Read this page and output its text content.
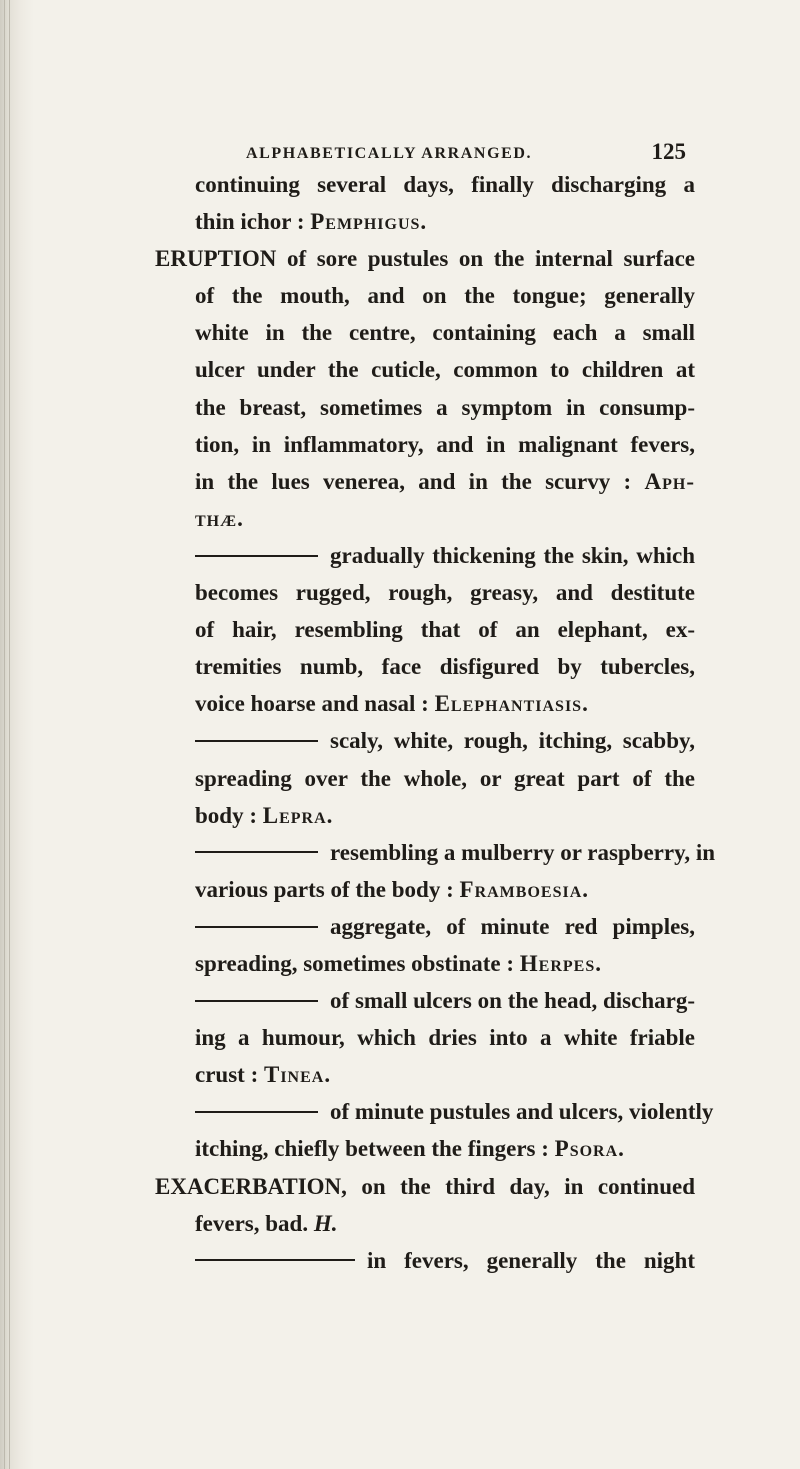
ALPHABETICALLY ARRANGED.	125
continuing several days, finally discharging a
thin ichor : Pemphigus.
ERUPTION of sore pustules on the internal surface
of the mouth, and on the tongue; generally
white in the centre, containing each a small
ulcer under the cuticle, common to children at
the breast, sometimes a symptom in consump-
tion, in inflammatory, and in malignant fevers,
in the lues venerea, and in the scurvy : Aph-
thæ.
gradually thickening the skin, which
becomes rugged, rough, greasy, and destitute
of hair, resembling that of an elephant, ex-
tremities numb, face disfigured by tubercles,
voice hoarse and nasal : Elephantiasis.
scaly, white, rough, itching, scabby,
spreading over the whole, or great part of the
body : Lepra.
resembling a mulberry or raspberry, in
various parts of the body : Framboesia.
aggregate, of minute red pimples,
spreading, sometimes obstinate : Herpes.
of small ulcers on the head, discharg-
ing a humour, which dries into a white friable
crust : Tinea.
of minute pustules and ulcers, violently
itching, chiefly between the fingers : Psora.
EXACERBATION, on the third day, in continued
fevers, bad. H.
in fevers, generally the night
